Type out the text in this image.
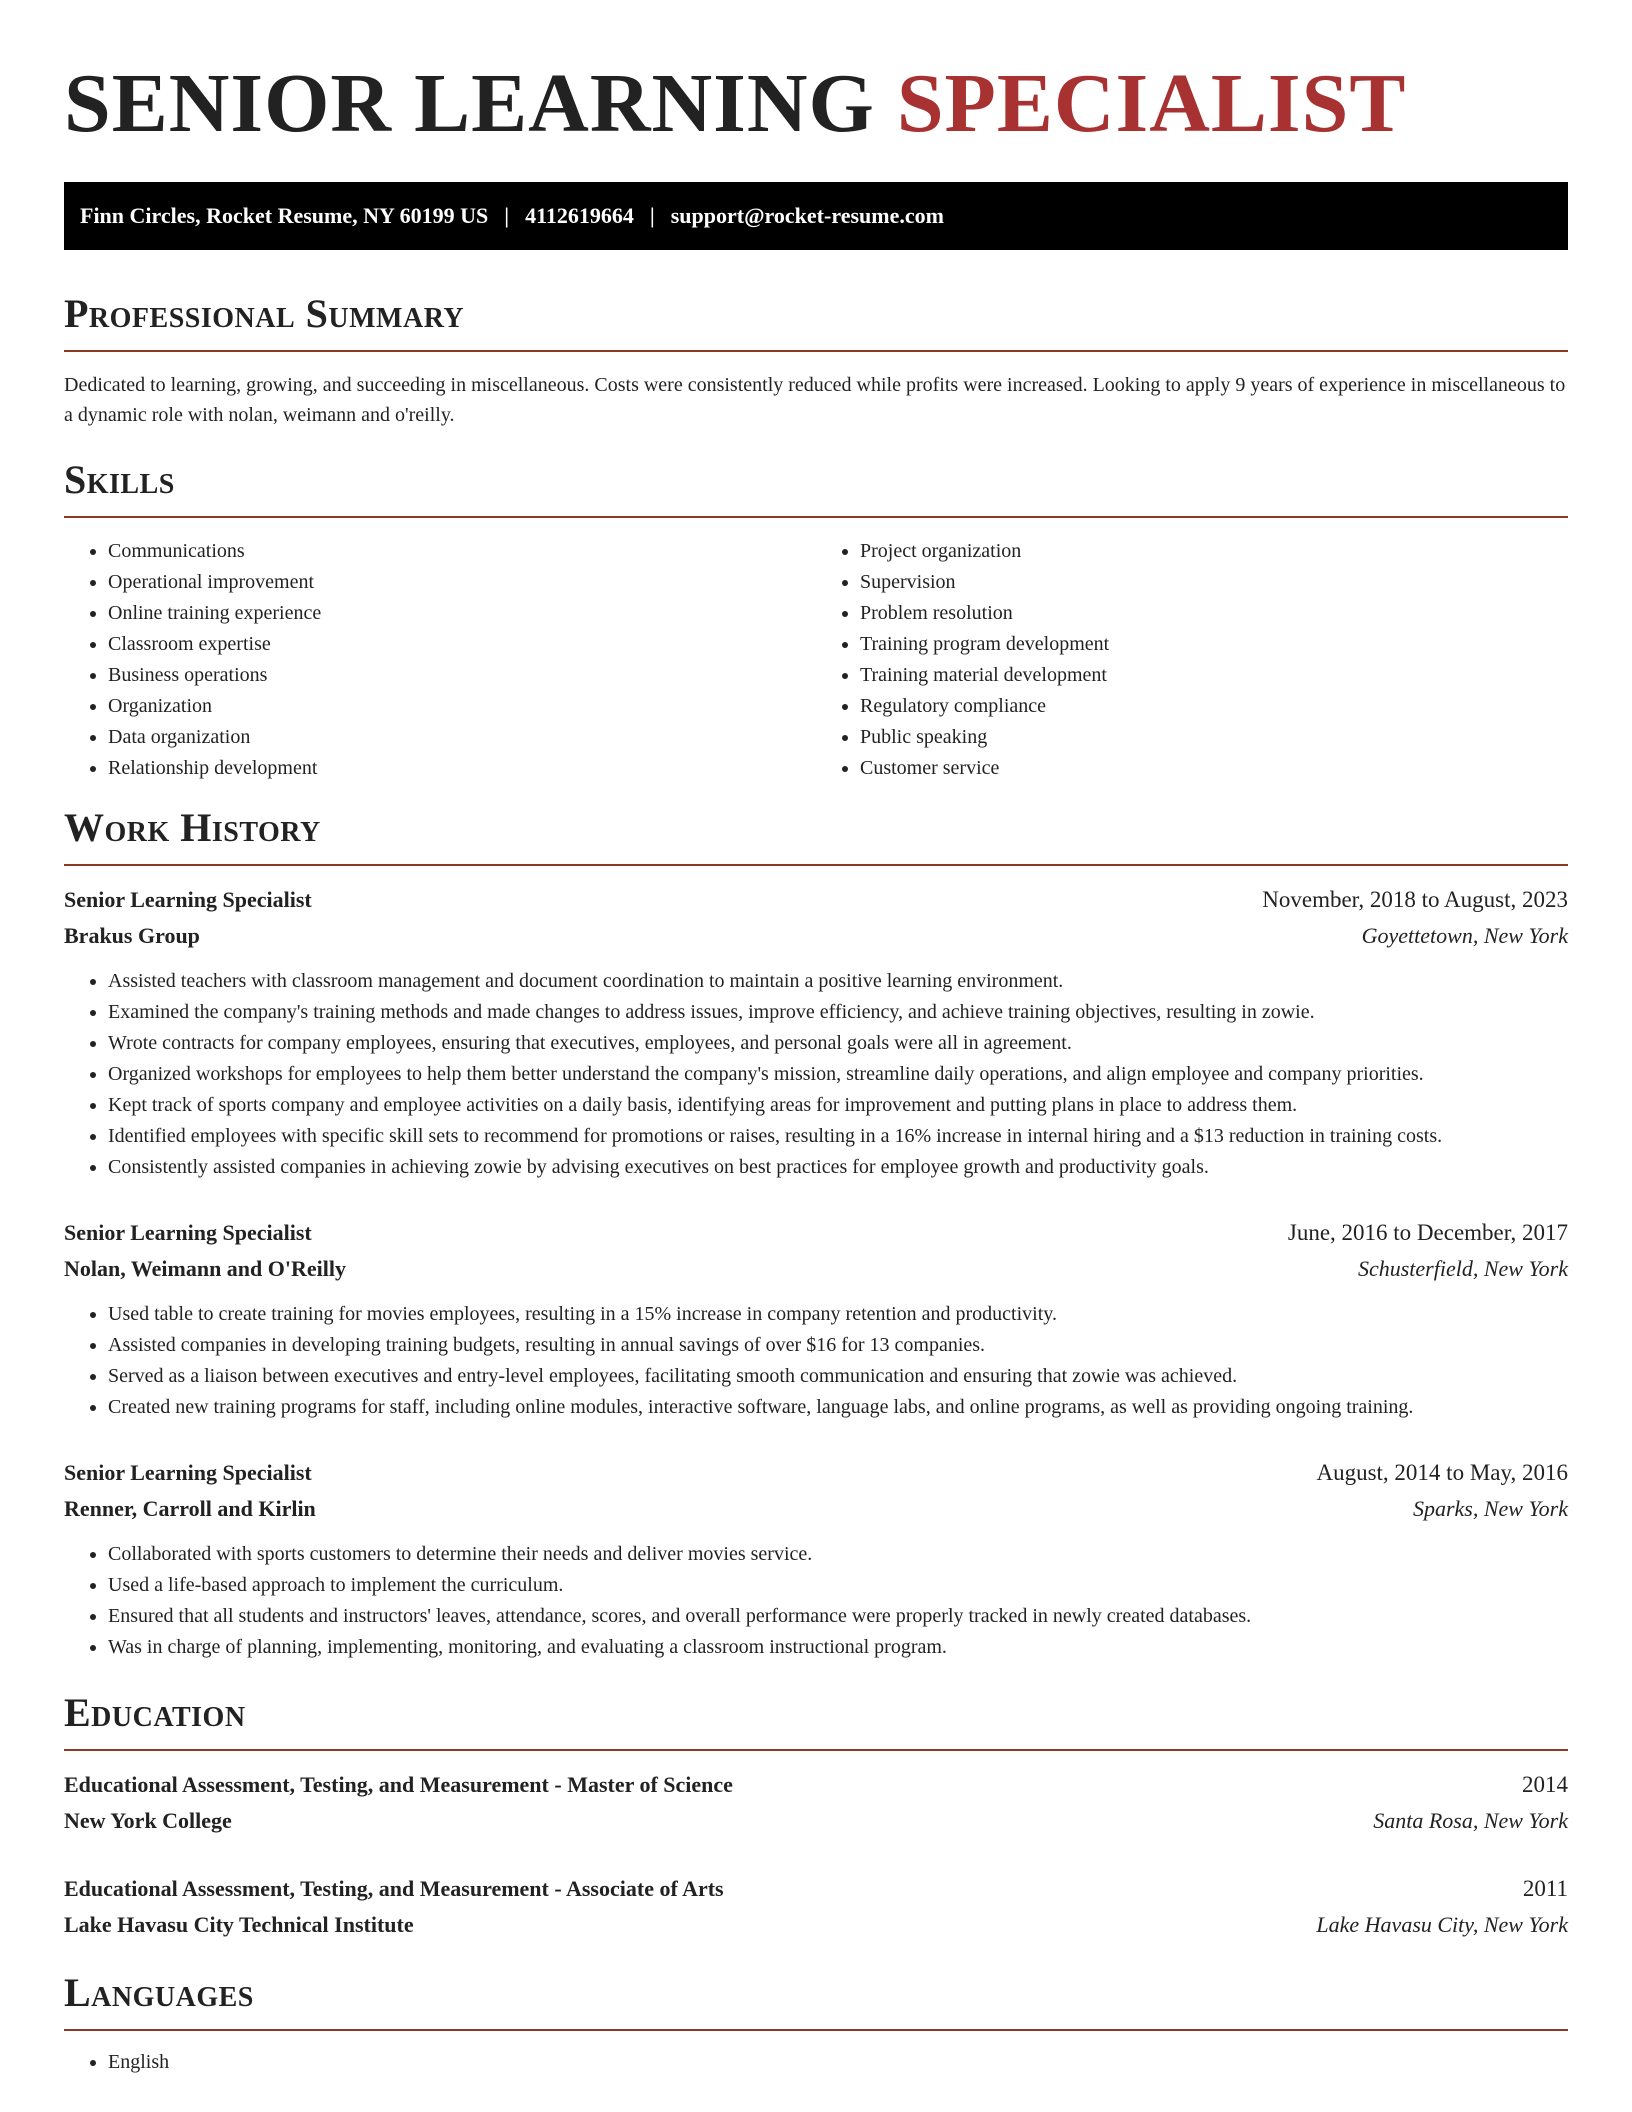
SENIOR LEARNING SPECIALIST
Finn Circles, Rocket Resume, NY 60199 US | 4112619664 | support@rocket-resume.com
Professional Summary

Dedicated to learning, growing, and succeeding in miscellaneous. Costs were consistently reduced while profits were increased. Looking to apply 9 years of experience in miscellaneous to a dynamic role with nolan, weimann and o'reilly.

Skills
• Communications
• Operational improvement
• Online training experience
• Classroom expertise
• Business operations
• Organization
• Data organization
• Relationship development
• Project organization
• Supervision
• Problem resolution
• Training program development
• Training material development
• Regulatory compliance
• Public speaking
• Customer service
Work History
Senior Learning Specialist	November, 2018 to August, 2023
Brakus Group	Goyettetown, New York
• Assisted teachers with classroom management and document coordination to maintain a positive learning environment.
• Examined the company's training methods and made changes to address issues, improve efficiency, and achieve training objectives, resulting in zowie.
• Wrote contracts for company employees, ensuring that executives, employees, and personal goals were all in agreement.
• Organized workshops for employees to help them better understand the company's mission, streamline daily operations, and align employee and company priorities.
• Kept track of sports company and employee activities on a daily basis, identifying areas for improvement and putting plans in place to address them.
• Identified employees with specific skill sets to recommend for promotions or raises, resulting in a 16% increase in internal hiring and a $13 reduction in training costs.
• Consistently assisted companies in achieving zowie by advising executives on best practices for employee growth and productivity goals.
Senior Learning Specialist	June, 2016 to December, 2017
Nolan, Weimann and O'Reilly	Schusterfield, New York
• Used table to create training for movies employees, resulting in a 15% increase in company retention and productivity.
• Assisted companies in developing training budgets, resulting in annual savings of over $16 for 13 companies.
• Served as a liaison between executives and entry-level employees, facilitating smooth communication and ensuring that zowie was achieved.
• Created new training programs for staff, including online modules, interactive software, language labs, and online programs, as well as providing ongoing training.
Senior Learning Specialist	August, 2014 to May, 2016
Renner, Carroll and Kirlin	Sparks, New York
• Collaborated with sports customers to determine their needs and deliver movies service.
• Used a life-based approach to implement the curriculum.
• Ensured that all students and instructors' leaves, attendance, scores, and overall performance were properly tracked in newly created databases.
• Was in charge of planning, implementing, monitoring, and evaluating a classroom instructional program.
Education
Educational Assessment, Testing, and Measurement - Master of Science	2014
New York College	Santa Rosa, New York
Educational Assessment, Testing, and Measurement - Associate of Arts	2011
Lake Havasu City Technical Institute	Lake Havasu City, New York
Languages
• English
